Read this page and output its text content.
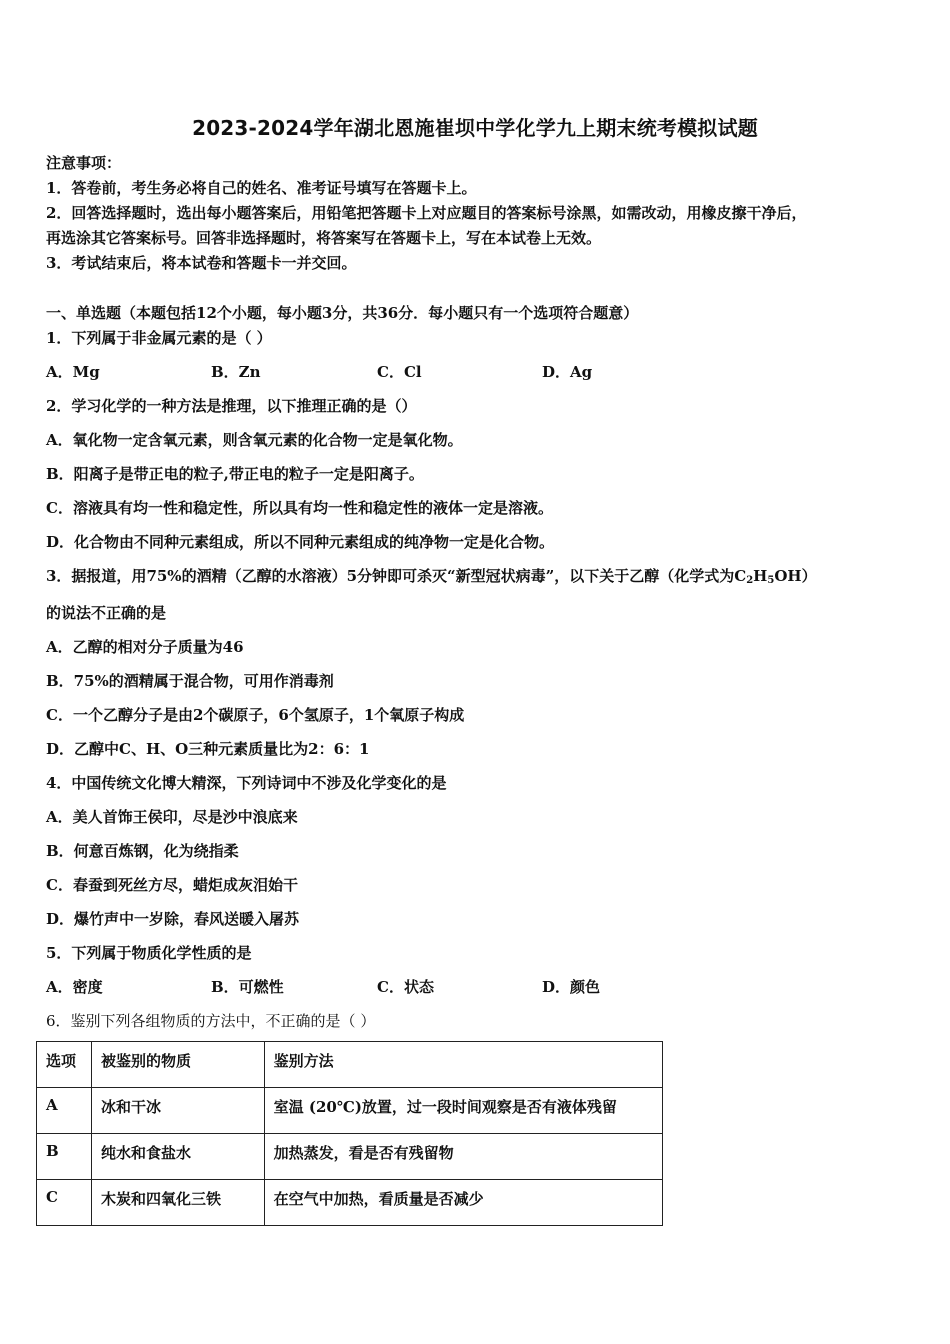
2023-2024学年湖北恩施崔坝中学化学九上期末统考模拟试题
注意事项：
1．答卷前，考生务必将自己的姓名、准考证号填写在答题卡上。
2．回答选择题时，选出每小题答案后，用铅笔把答题卡上对应题目的答案标号涂黑，如需改动，用橡皮擦干净后，
再选涂其它答案标号。回答非选择题时，将答案写在答题卡上，写在本试卷上无效。
3．考试结束后，将本试卷和答题卡一并交回。
一、单选题（本题包括12个小题，每小题3分，共36分．每小题只有一个选项符合题意）
1．下列属于非金属元素的是（ ）
A．Mg	B．Zn	C．Cl	D．Ag
2．学习化学的一种方法是推理，以下推理正确的是（）
A．氧化物一定含氧元素，则含氧元素的化合物一定是氧化物。
B．阳离子是带正电的粒子,带正电的粒子一定是阳离子。
C．溶液具有均一性和稳定性，所以具有均一性和稳定性的液体一定是溶液。
D．化合物由不同种元素组成，所以不同种元素组成的纯净物一定是化合物。
3．据报道，用75%的酒精（乙醇的水溶液）5分钟即可杀灭“新型冠状病毒”，以下关于乙醇（化学式为$C_2H_5OH$）
的说法不正确的是
A．乙醇的相对分子质量为46
B．75%的酒精属于混合物，可用作消毒剂
C．一个乙醇分子是由2个碳原子，6个氢原子，1个氧原子构成
D．乙醇中C、H、O三种元素质量比为2：6：1
4．中国传统文化博大精深，下列诗词中不涉及化学变化的是
A．美人首饰王侯印，尽是沙中浪底来
B．何意百炼钢，化为绕指柔
C．春蚕到死丝方尽，蜡炬成灰泪始干
D．爆竹声中一岁除，春风送暖入屠苏
5．下列属于物质化学性质的是
A．密度	B．可燃性	C．状态	D．颜色
6．鉴别下列各组物质的方法中，不正确的是（ ）
选项	被鉴别的物质	鉴别方法
A	冰和干冰	室温 (20℃)放置，过一段时间观察是否有液体残留
B	纯水和食盐水	加热蒸发，看是否有残留物
C	木炭和四氧化三铁	在空气中加热，看质量是否减少
